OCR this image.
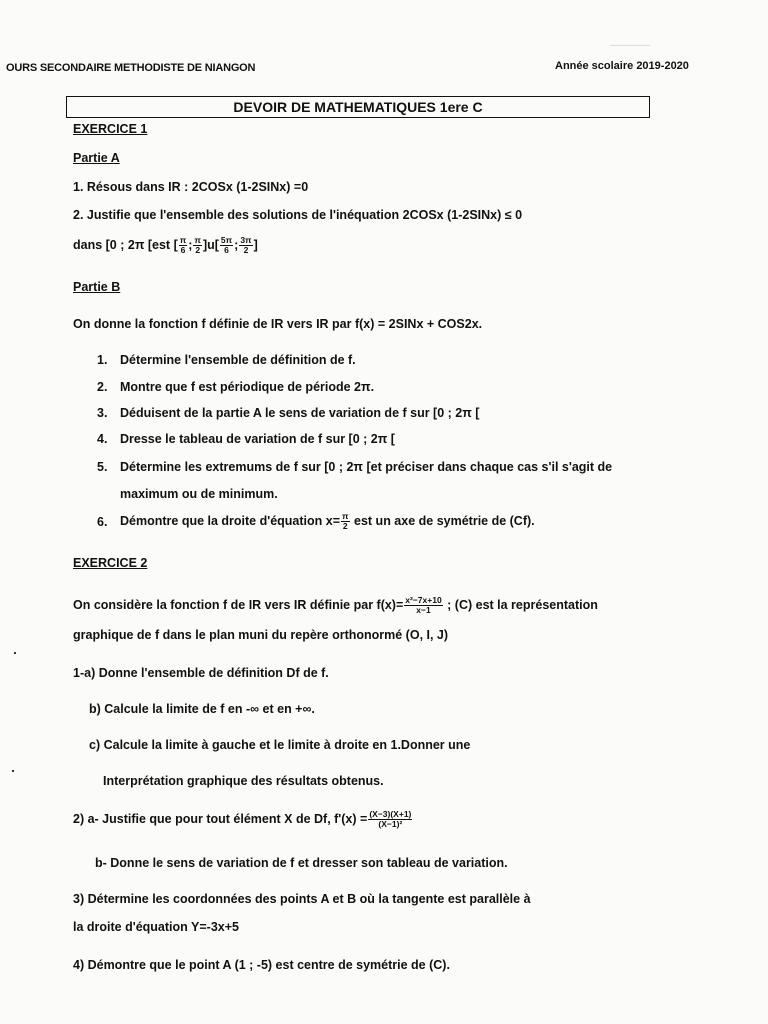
————
OURS SECONDAIRE METHODISTE DE NIANGON	Année scolaire 2019-2020
DEVOIR DE MATHEMATIQUES 1ere C
EXERCICE 1
Partie A
1. Résous dans IR : 2COSx (1-2SINx) =0
2. Justifie que l'ensemble des solutions de l'inéquation 2COSx (1-2SINx) ≤ 0
dans [0 ; 2π [est [ $\frac{\pi}{6}$ ; $\frac{\pi}{2} ]u[ \frac{5\pi}{6}$ ; $\frac{3\pi}{2}$ ]
Partie B
On donne la fonction f définie de IR vers IR par f(x) = 2SINx + COS2x.
1. Détermine l'ensemble de définition de f.
2. Montre que f est périodique de période 2π.
3. Déduisent de la partie A le sens de variation de f sur [0 ; 2π [
4. Dresse le tableau de variation de f sur [0 ; 2π [
5. Détermine les extremums de f sur [0 ; 2π [et préciser dans chaque cas s'il s'agit de
maximum ou de minimum.
6. Démontre que la droite d'équation $x= \frac{\pi}{2}$ est un axe de symétrie de (Cf).
EXERCICE 2
On considère la fonction f de IR vers IR définie par $f(x)= \frac{\text{x²−7x+10}}{x-1}$ ; (C) est la représentation
graphique de f dans le plan muni du repère orthonormé (O, I, J)
1-a) Donne l'ensemble de définition Df de f.
b) Calcule la limite de f en -∞ et en +∞.
c) Calcule la limite à gauche et le limite à droite en 1.Donner une
Interprétation graphique des résultats obtenus.
2) a- Justifie que pour tout élément X de Df, $f'(x) = \frac{(X-3)(X+1)}{\text{(X−1)²}}$
b- Donne le sens de variation de f et dresser son tableau de variation.
3) Détermine les coordonnées des points A et B où la tangente est parallèle à
la droite d'équation Y=-3x+5
4) Démontre que le point A (1 ; -5) est centre de symétrie de (C).
